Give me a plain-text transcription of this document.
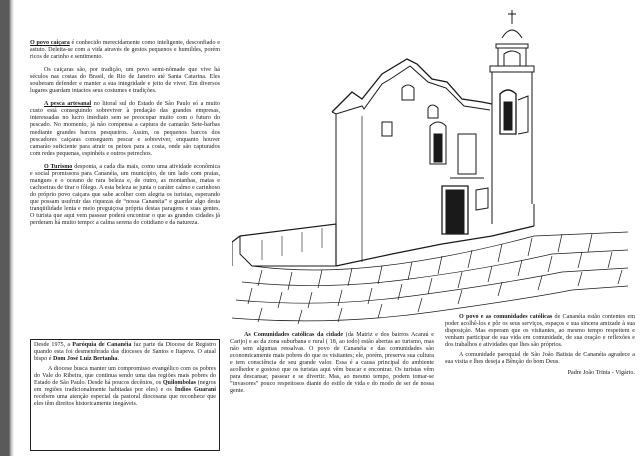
O povo caiçara é conhecido merecidamente como inteligente, desconfiado e astuto. Deleita-se com a vida através de gestos pequenos e humildes, porém ricos de carinho e sentimento.

Os caiçaras são, por tradição, um povo semi-nômade que vive há séculos nas costas do Brasil, de Rio de Janeiro até Santa Catarina. Eles souberam defender e manter a sua integridade e jeito de viver. Em diversos lugares guardam intactos seus costumes e tradições.

A pesca artesanal no litoral sul do Estado de São Paulo só a muito custo está conseguindo sobreviver à predação das grandes empresas, interessadas no lucro imediato sem se preocupar muito com o futuro do pescado. No momento, já não compensa a captura de camarão Sete-barbas mediante grandes barcos pesqueiros. Assim, os pequenos barcos dos pescadores caiçaras conseguem pescar e sobreviver, enquanto houver camarão suficiente para atrair os peixes para a costa, onde são capturados com redes pequenas, espinhéis e outros petrechos.

O Turismo desponta, a cada dia mais, como uma atividade econômica e social promissora para Cananéia, um município, de um lado com praias, mangues e o oceano de rara beleza e, de outro, as montanhas, matas e cachoeiras de tirar o fôlego. A esta beleza se junta o caráter calmo e carinhoso do próprio povo caiçara que sabe acolher com alegria os turistas, esperando que possam usufruir das riquezas de “nossa Cananéia” e guardar algo desta tranqüilidade lenta e meio preguiçosa própria destas paragens e suas gentes. O turista que aqui vem passear poderá encontrar o que as grandes cidades já perderam há muito tempo: a calma serena do cotidiano e da natureza.

Desde 1975, a Paróquia de Cananéia faz parte da Diocese de Registro quando esta foi desmembrada das dioceses de Santos e Itapeva. O atual bispo é Dom José Luiz Bertanha.

A diocese busca manter um compromisso evangélico com os pobres do Vale do Ribeira, que continua sendo uma das regiões mais pobres do Estado de São Paulo. Desde há poucos decênios, os Quilombolas (negros em regiões tradicionalmente habitadas por eles) e os Índios Guarani recebem uma atenção especial da pastoral diocesana que reconhece que eles têm direitos historicamente inegáveis.

As Comunidades católicas da cidade (da Matriz e dos bairros Acaraú e Carijo) e as da zona suburbana e rural ( 18, ao todo) estão abertas ao turismo, mas não sem algumas ressalvas. O povo de Cananéia e das comunidades são economicamente mais pobres do que os visitantes; ele, porém, preserva sua cultura e tem consciência de seu grande valor. Essa é a causa principal do ambiente acolhedor e gostoso que os turistas aqui vêm buscar e encontrar. Os turistas vêm para descansar, passear e se divertir. Mas, ao mesmo tempo, podem tomar-se “invasores” pouco respeitosos diante do estilo de vida e do modo de ser de nossa gente.

O povo e as comunidades católicas de Cananéia estão contentes em poder acolhê-los e pôr os seus serviços, espaços e sua sincera amizade à sua disposição. Mas esperam que os visitantes, ao mesmo tempo respeitem e venham participar de sua vida em comunidade, de sua oração e reflexões e dos trabalhos e atividades que lhes são próprios.

A comunidade paroquial de São João Batista de Cananéia agradece a sua visita e lhes deseja a Bênção do bom Deus.

Padre João Trinta - Vigário.
